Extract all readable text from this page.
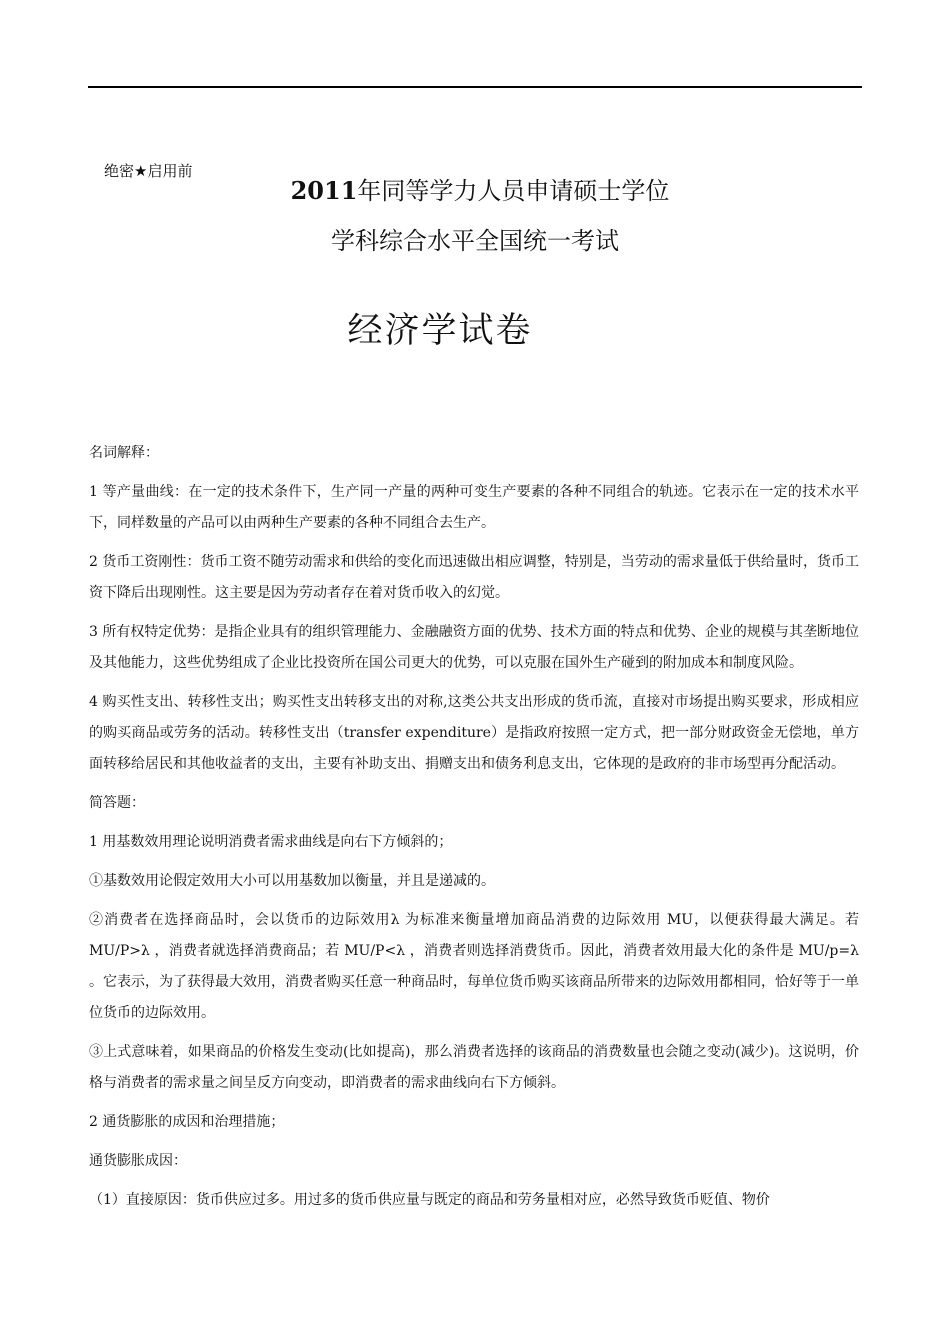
绝密★启用前
2011年同等学力人员申请硕士学位
学科综合水平全国统一考试
经济学试卷

名词解释：

1 等产量曲线：在一定的技术条件下，生产同一产量的两种可变生产要素的各种不同组合的轨迹。它表示在一定的技术水平下，同样数量的产品可以由两种生产要素的各种不同组合去生产。

2 货币工资刚性：货币工资不随劳动需求和供给的变化而迅速做出相应调整，特别是，当劳动的需求量低于供给量时，货币工资下降后出现刚性。这主要是因为劳动者存在着对货币收入的幻觉。

3 所有权特定优势：是指企业具有的组织管理能力、金融融资方面的优势、技术方面的特点和优势、企业的规模与其垄断地位及其他能力，这些优势组成了企业比投资所在国公司更大的优势，可以克服在国外生产碰到的附加成本和制度风险。

4 购买性支出、转移性支出；购买性支出转移支出的对称,这类公共支出形成的货币流，直接对市场提出购买要求，形成相应的购买商品或劳务的活动。转移性支出（transfer expenditure）是指政府按照一定方式，把一部分财政资金无偿地，单方面转移给居民和其他收益者的支出，主要有补助支出、捐赠支出和债务利息支出，它体现的是政府的非市场型再分配活动。

简答题：

1 用基数效用理论说明消费者需求曲线是向右下方倾斜的；

①基数效用论假定效用大小可以用基数加以衡量，并且是递减的。

②消费者在选择商品时，会以货币的边际效用λ 为标准来衡量增加商品消费的边际效用 MU，以便获得最大满足。若 MU/P>λ ，消费者就选择消费商品；若 MU/P<λ ，消费者则选择消费货币。因此，消费者效用最大化的条件是 MU/p=λ 。它表示，为了获得最大效用，消费者购买任意一种商品时，每单位货币购买该商品所带来的边际效用都相同，恰好等于一单位货币的边际效用。

③上式意味着，如果商品的价格发生变动(比如提高)，那么消费者选择的该商品的消费数量也会随之变动(减少)。这说明，价格与消费者的需求量之间呈反方向变动，即消费者的需求曲线向右下方倾斜。

2 通货膨胀的成因和治理措施；

通货膨胀成因：

（1）直接原因：货币供应过多。用过多的货币供应量与既定的商品和劳务量相对应，必然导致货币贬值、物价
